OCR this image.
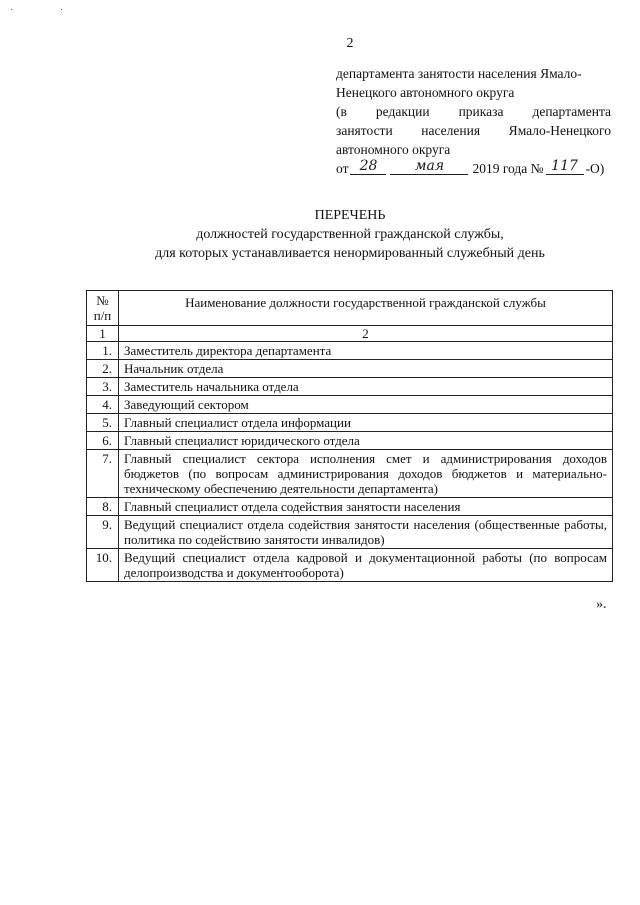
˙ ˙
2
департамента занятости населения Ямало-
Ненецкого автономного округа
(в редакции приказа департамента
занятости населения Ямало-Ненецкого
автономного округа
от 28	мая	2019 года № 117 -О)
ПЕРЕЧЕНЬ
должностей государственной гражданской службы,
для которых устанавливается ненормированный служебный день
№ п/п	Наименование должности государственной гражданской службы
1	2
1.	Заместитель директора департамента
2.	Начальник отдела
3.	Заместитель начальника отдела
4.	Заведующий сектором
5.	Главный специалист отдела информации
6.	Главный специалист юридического отдела
7.	Главный специалист сектора исполнения смет и администрирования доходов бюджетов (по вопросам администрирования доходов бюджетов и материально-техническому обеспечению деятельности департамента)
8.	Главный специалист отдела содействия занятости населения
9.	Ведущий специалист отдела содействия занятости населения (общественные работы, политика по содействию занятости инвалидов)
10.	Ведущий специалист отдела кадровой и документационной работы (по вопросам делопроизводства и документооборота)
».
